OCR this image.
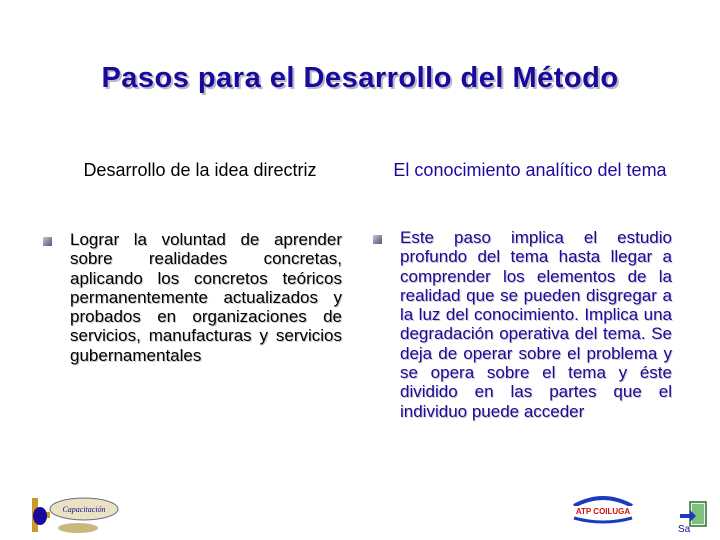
Pasos para el Desarrollo del Método
Desarrollo de la idea directriz	El conocimiento analítico del tema
Lograr la voluntad de aprender sobre realidades concretas, aplicando los concretos teóricos permanentemente actualizados y probados en organizaciones de servicios, manufacturas y servicios gubernamentales
Este paso implica el estudio profundo del tema hasta llegar a comprender los elementos de la realidad que se pueden disgregar a la luz del conocimiento. Implica una degradación operativa del tema. Se deja de operar sobre el problema y se opera sobre el tema y éste dividido en las partes que el individuo puede acceder
Capacitación	ATP COILUGA
Sa
